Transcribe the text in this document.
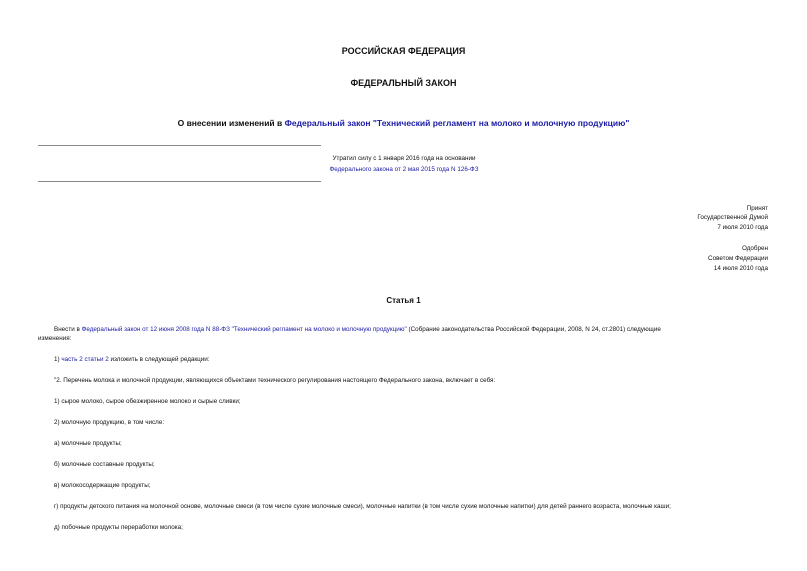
РОССИЙСКАЯ ФЕДЕРАЦИЯ
ФЕДЕРАЛЬНЫЙ ЗАКОН
О внесении изменений в Федеральный закон "Технический регламент на молоко и молочную продукцию"
Утратил силу с 1 января 2016 года на основании
Федерального закона от 2 мая 2015 года N 126-ФЗ
Принят
Государственной Думой
7 июля 2010 года
Одобрен
Советом Федерации
14 июля 2010 года
Статья 1
Внести в Федеральный закон от 12 июня 2008 года N 88-ФЗ "Технический регламент на молоко и молочную продукцию" (Собрание законодательства Российской Федерации, 2008, N 24, ст.2801) следующие
изменения:
1) часть 2 статьи 2 изложить в следующей редакции:
"2. Перечень молока и молочной продукции, являющихся объектами технического регулирования настоящего Федерального закона, включает в себя:
1) сырое молоко, сырое обезжиренное молоко и сырые сливки;
2) молочную продукцию, в том числе:
а) молочные продукты;
б) молочные составные продукты;
в) молокосодержащие продукты;
г) продукты детского питания на молочной основе, молочные смеси (в том числе сухие молочные смеси), молочные напитки (в том числе сухие молочные напитки) для детей раннего возраста, молочные каши;
д) побочные продукты переработки молока;
